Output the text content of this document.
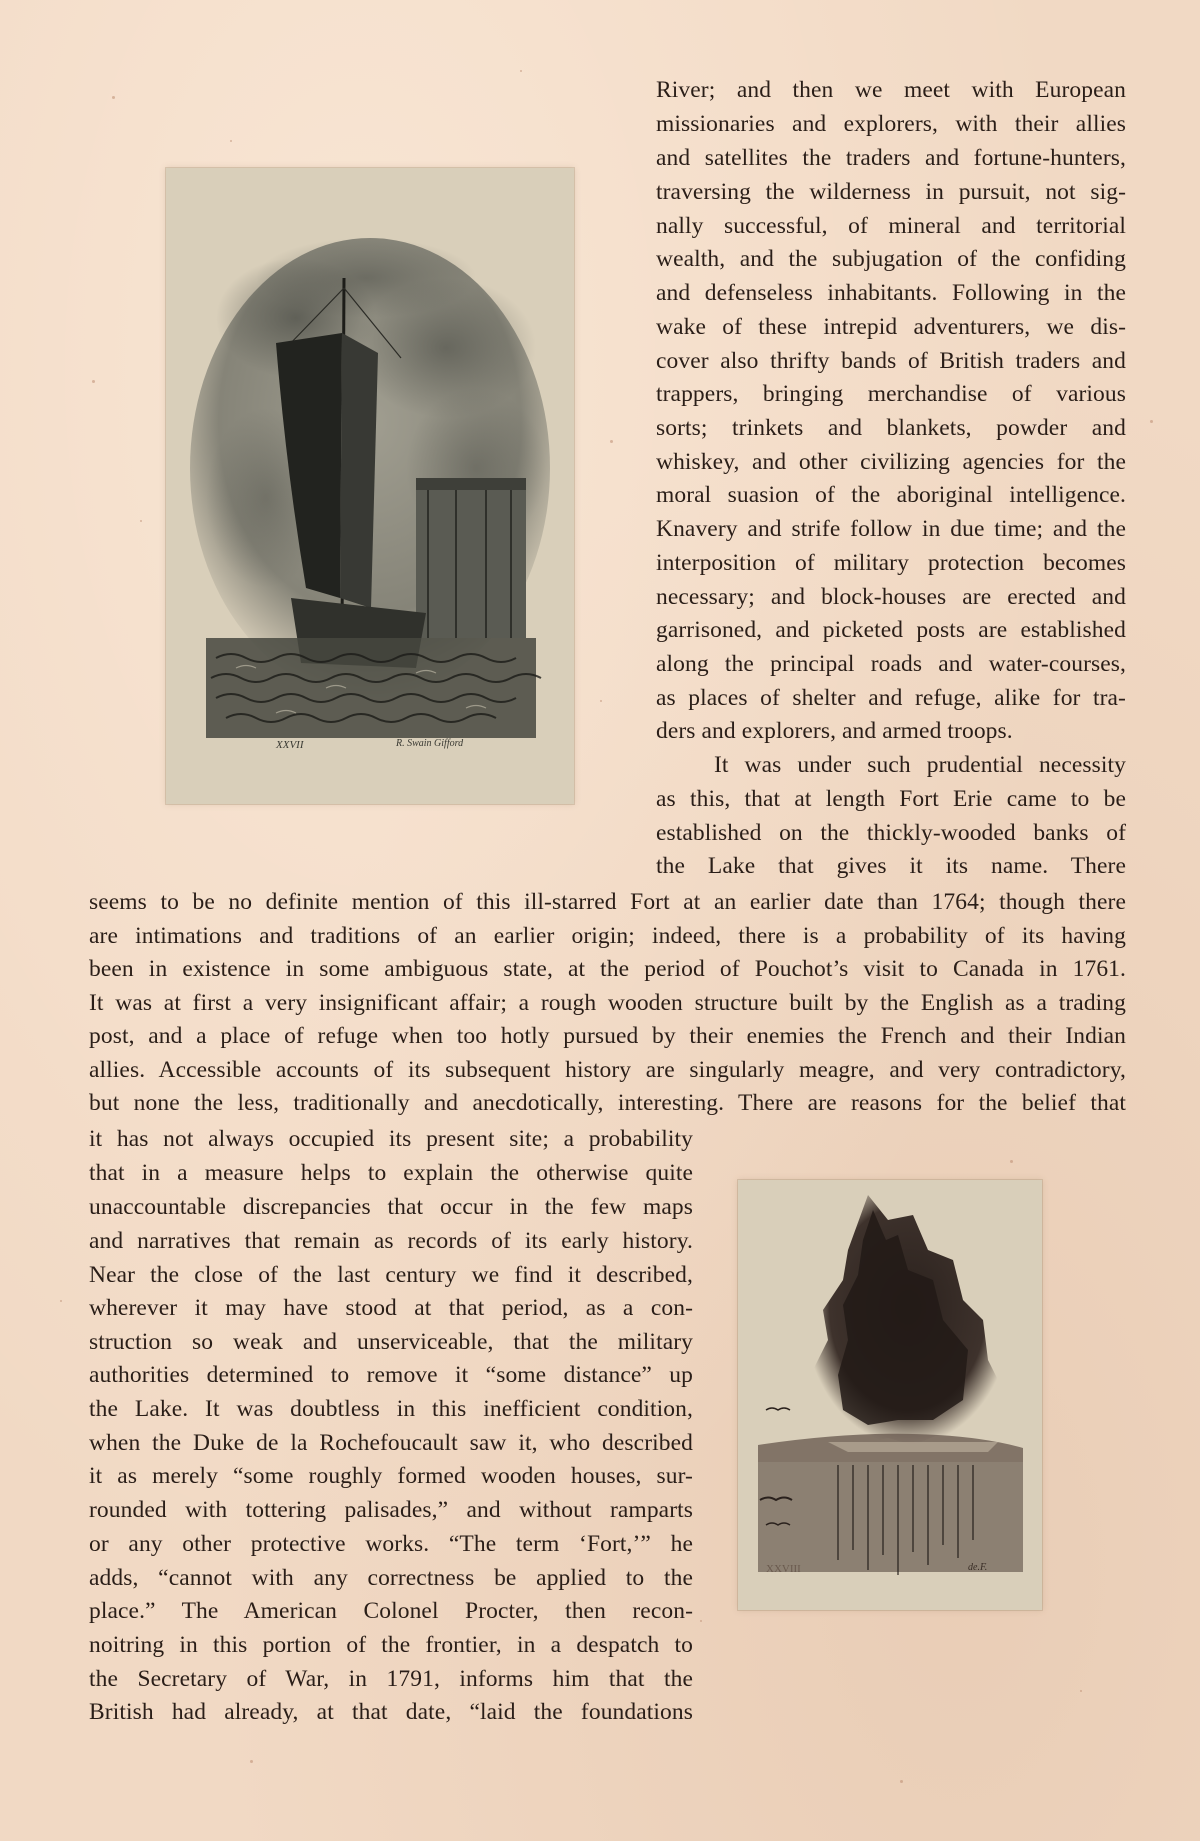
XXVII	R. Swain Gifford
XXVIII	de.F.
River; and then we meet with European
missionaries and explorers, with their allies
and satellites the traders and fortune-hunters,
traversing the wilderness in pursuit, not sig-
nally successful, of mineral and territorial
wealth, and the subjugation of the confiding
and defenseless inhabitants. Following in the
wake of these intrepid adventurers, we dis-
cover also thrifty bands of British traders and
trappers, bringing merchandise of various
sorts; trinkets and blankets, powder and
whiskey, and other civilizing agencies for the
moral suasion of the aboriginal intelligence.
Knavery and strife follow in due time; and the
interposition of military protection becomes
necessary; and block-houses are erected and
garrisoned, and picketed posts are established
along the principal roads and water-courses,
as places of shelter and refuge, alike for tra-
ders and explorers, and armed troops.
It was under such prudential necessity
as this, that at length Fort Erie came to be
established on the thickly-wooded banks of
the Lake that gives it its name. There
seems to be no definite mention of this ill-starred Fort at an earlier date than 1764; though there
are intimations and traditions of an earlier origin; indeed, there is a probability of its having
been in existence in some ambiguous state, at the period of Pouchot’s visit to Canada in 1761.
It was at first a very insignificant affair; a rough wooden structure built by the English as a trading
post, and a place of refuge when too hotly pursued by their enemies the French and their Indian
allies. Accessible accounts of its subsequent history are singularly meagre, and very contradictory,
but none the less, traditionally and anecdotically, interesting. There are reasons for the belief that
it has not always occupied its present site; a probability
that in a measure helps to explain the otherwise quite
unaccountable discrepancies that occur in the few maps
and narratives that remain as records of its early history.
Near the close of the last century we find it described,
wherever it may have stood at that period, as a con-
struction so weak and unserviceable, that the military
authorities determined to remove it “some distance” up
the Lake. It was doubtless in this inefficient condition,
when the Duke de la Rochefoucault saw it, who described
it as merely “some roughly formed wooden houses, sur-
rounded with tottering palisades,” and without ramparts
or any other protective works. “The term ‘Fort,’” he
adds, “cannot with any correctness be applied to the
place.” The American Colonel Procter, then recon-
noitring in this portion of the frontier, in a despatch to
the Secretary of War, in 1791, informs him that the
British had already, at that date, “laid the foundations
